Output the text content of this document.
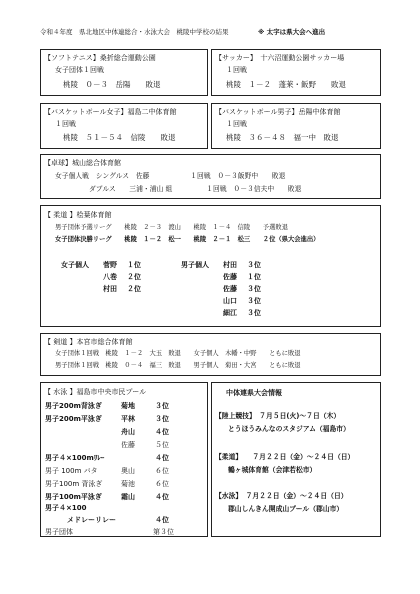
令和４年度　県北地区中体連総合・水泳大会　桃陵中学校の結果	※ 太字は県大会へ進出
【ソフトテニス】桑折総合運動公園
女子団体１回戦
桃陵　０－３　岳陽　　敗退
【サッカー】　十六沼運動公園サッカー場
１回戦
桃陵　１－２　蓬莱・飯野　　敗退
【バスケットボール女子】福島二中体育館
１回戦
桃陵　５１－５４　信陵　　敗退
【バスケットボール男子】岳陽中体育館
１回戦
桃陵　３６－４８　福一中　敗退
【卓球】城山総合体育館
女子個人戦　シングルス　佐藤　　　　　　１回戦　０－３飯野中　　敗退
ダブルス　　三浦・浦山 組　　　　　１回戦　０－３信夫中　　敗退
【 柔道 】桧葉体育館
男子団体予選リーグ　　桃陵　２－３　渡山　　桃陵　１－４　信陵　　予選敗退
女子団体決勝リーグ　　桃陵　１－２　松一　　桃陵　２－１　松三　　２位（県大会進出）
女子個人 菅野 １位
八巻 ２位
村田 ２位
男子個人 村田 ３位
佐藤 １位
佐藤 ３位
山口 ３位
細江 ３位
【 剣道 】本宮市総合体育館
女子団体１回戦　桃陵　１－２　大玉　敗退　　女子個人　木幡・中野　　ともに敗退
男子団体１回戦　桃陵　０－４　福三　敗退　　男子個人　菊田・大宮　　ともに敗退
【 水泳 】福島市中央市民プール
男子200m背泳ぎ	菊地	３位
男子200m平泳ぎ	平林	３位
舟山	４位
佐藤	５位
男子４×100mﾘﾚｰ	４位
男子 100m バタ	奥山	６位
男子100m 背泳ぎ	菊池	６位
男子100m平泳ぎ	霜山	４位
男子４×100
メドレーリレー	４位
男子団体	第３位
中体連県大会情報
【陸上競技】　７月５日(火)～７日（木）
とうほうみんなのスタジアム（福島市）
【柔道】　　７月２２日（金）～２４日（日）
鶴ヶ城体育館（会津若松市）
【水泳】　７月２２日（金）～２４日（日）
郡山しんきん開成山プール（郡山市）
